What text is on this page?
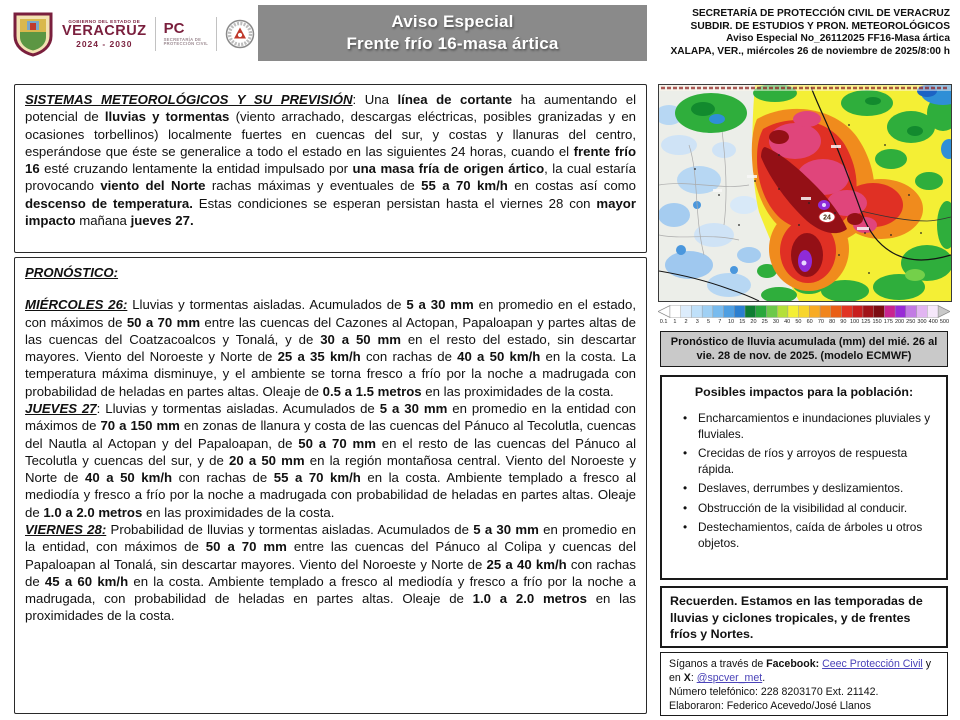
GOBIERNO DEL ESTADO DE
VERACRUZ
2024 - 2030
PC
SECRETARÍA DE
PROTECCIÓN CIVIL
Aviso Especial
Frente frío 16-masa ártica
SECRETARÍA DE PROTECCIÓN CIVIL DE VERACRUZ
SUBDIR. DE ESTUDIOS Y PRON. METEOROLÓGICOS
Aviso Especial No_26112025 FF16-Masa ártica
XALAPA, VER., miércoles 26 de noviembre de 2025/8:00 h

SISTEMAS METEOROLÓGICOS Y SU PREVISIÓN: Una línea de cortante ha aumentando el potencial de lluvias y tormentas (viento arrachado, descargas eléctricas, posibles granizadas y en ocasiones torbellinos) localmente fuertes en cuencas del sur, y costas y llanuras del centro, esperándose que éste se generalice a todo el estado en las siguientes 24 horas, cuando el frente frío 16 esté cruzando lentamente la entidad impulsado por una masa fría de origen ártico, la cual estaría provocando viento del Norte rachas máximas y eventuales de 55 a 70 km/h en costas así como descenso de temperatura. Estas condiciones se esperan persistan hasta el viernes 28 con mayor impacto mañana jueves 27.

PRONÓSTICO:

MIÉRCOLES 26: Lluvias y tormentas aisladas. Acumulados de 5 a 30 mm en promedio en el estado, con máximos de 50 a 70 mm entre las cuencas del Cazones al Actopan, Papaloapan y partes altas de las cuencas del Coatzacoalcos y Tonalá, y de 30 a 50 mm en el resto del estado, sin descartar mayores. Viento del Noroeste y Norte de 25 a 35 km/h con rachas de 40 a 50 km/h en la costa. La temperatura máxima disminuye, y el ambiente se torna fresco a frío por la noche a madrugada con probabilidad de heladas en partes altas. Oleaje de 0.5 a 1.5 metros en las proximidades de la costa.

JUEVES 27: Lluvias y tormentas aisladas. Acumulados de 5 a 30 mm en promedio en la entidad con máximos de 70 a 150 mm en zonas de llanura y costa de las cuencas del Pánuco al Tecolutla, cuencas del Nautla al Actopan y del Papaloapan, de 50 a 70 mm en el resto de las cuencas del Pánuco al Tecolutla y cuencas del sur, y de 20 a 50 mm en la región montañosa central. Viento del Noroeste y Norte de 40 a 50 km/h con rachas de 55 a 70 km/h en la costa. Ambiente templado a fresco al mediodía y fresco a frío por la noche a madrugada con probabilidad de heladas en partes altas. Oleaje de 1.0 a 2.0 metros en las proximidades de la costa.

VIERNES 28: Probabilidad de lluvias y tormentas aisladas. Acumulados de 5 a 30 mm en promedio en la entidad, con máximos de 50 a 70 mm entre las cuencas del Pánuco al Colipa y cuencas del Papaloapan al Tonalá, sin descartar mayores. Viento del Noroeste y Norte de 25 a 40 km/h con rachas de 45 a 60 km/h en la costa. Ambiente templado a fresco al mediodía y fresco a frío por la noche a madrugada, con probabilidad de heladas en partes altas. Oleaje de 1.0 a 2.0 metros en las proximidades de la costa.

24
0.1	1	2	3	5	7	10 15 20 25 30 40 50 60 70 80 90 100 125 150 175 200 250 300 400 500
Pronóstico de lluvia acumulada (mm) del mié. 26 al vie. 28 de nov. de 2025. (modelo ECMWF)
Posibles impactos para la población:
• Encharcamientos e inundaciones pluviales y fluviales.
• Crecidas de ríos y arroyos de respuesta rápida.
• Deslaves, derrumbes y deslizamientos.
• Obstrucción de la visibilidad al conducir.
• Destechamientos, caída de árboles u otros objetos.
Recuerden. Estamos en las temporadas de lluvias y ciclones tropicales, y de frentes fríos y Nortes.
Síganos a través de Facebook: Ceec Protección Civil y en X: @spcver_met.
Número telefónico: 228 8203170 Ext. 21142.
Elaboraron: Federico Acevedo/José Llanos
